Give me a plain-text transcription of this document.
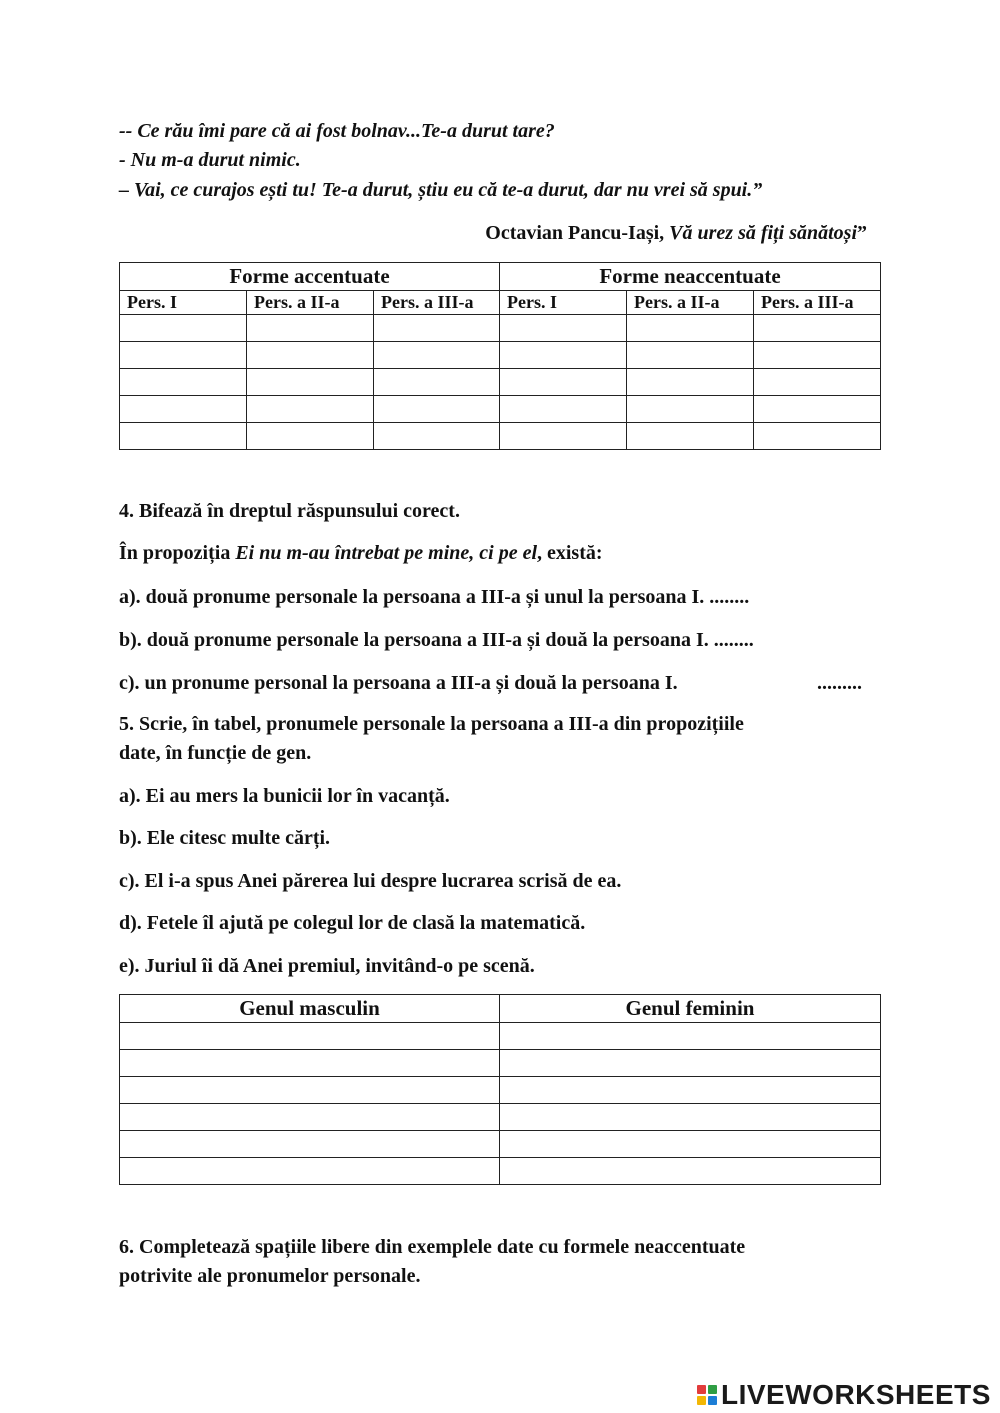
-- Ce rău îmi pare că ai fost bolnav...Te-a durut tare?
- Nu m-a durut nimic.
– Vai, ce curajos ești tu! Te-a durut, știu eu că te-a durut, dar nu vrei să spui.”
Octavian Pancu-Iași, Vă urez să fiți sănătoși”
Forme accentuate			Forme neaccentuate		
Pers. I	Pers. a II-a	Pers. a III-a	Pers. I	Pers. a II-a	Pers. a III-a

4. Bifează în dreptul răspunsului corect.
În propoziția Ei nu m-au întrebat pe mine, ci pe el, există:
a). două pronume personale la persoana a III-a și unul la persoana I. ........
b). două pronume personale la persoana a III-a și două la persoana I. ........
c). un pronume personal la persoana a III-a și două la persoana I.	.........
5. Scrie, în tabel, pronumele personale la persoana a III-a din propozițiile
date, în funcție de gen.
a). Ei au mers la bunicii lor în vacanță.
b). Ele citesc multe cărți.
c). El i-a spus Anei părerea lui despre lucrarea scrisă de ea.
d). Fetele îl ajută pe colegul lor de clasă la matematică.
e). Juriul îi dă Anei premiul, invitând-o pe scenă.
Genul masculin	Genul feminin

6. Completează spațiile libere din exemplele date cu formele neaccentuate
potrivite ale pronumelor personale.
LIVEWORKSHEETS
